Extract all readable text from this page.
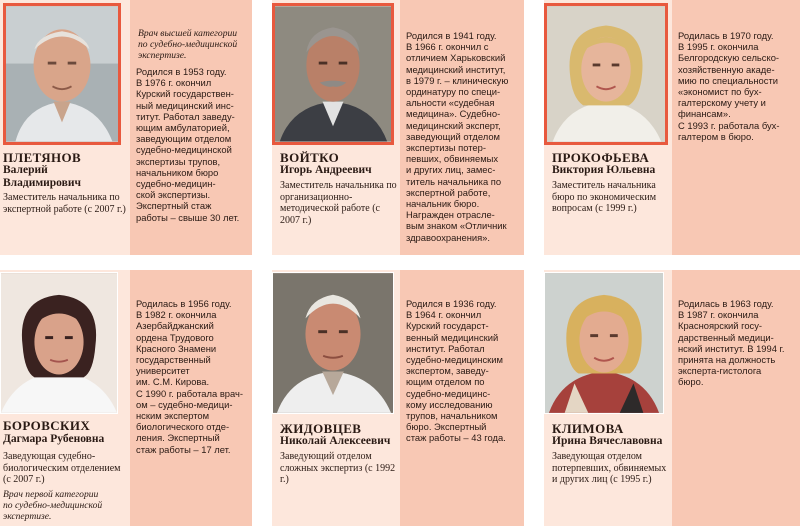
ПЛЕТЯНОВ
Валерий
Владимирович
Заместитель начальника по экспертной работе (с 2007 г.)
Врач высшей категории
по судебно-медицинской
экспертизе.
Родился в 1953 году.
В 1976 г. окончил
Курский государствен-
ный медицинский инс-
титут. Работал заведу-
ющим амбулаторией,
заведующим отделом
судебно-медицинской
экспертизы трупов,
начальником бюро
судебно-медицин-
ской экспертизы.
Экспертный стаж
работы – свыше 30 лет.
ВОЙТКО
Игорь Андреевич
Заместитель начальника по организационно-методической работе (с 2007 г.)
Родился в 1941 году.
В 1966 г. окончил с
отличием Харьковский
медицинский институт,
в 1979 г. – клиническую
ординатуру по специ-
альности «судебная
медицина». Судебно-
медицинский эксперт,
заведующий отделом
экспертизы потер-
певших, обвиняемых
и других лиц, замес-
титель начальника по
экспертной работе,
начальник бюро.
Награжден отрасле-
вым знаком «Отличник
здравоохранения».
ПРОКОФЬЕВА
Виктория Юльевна
Заместитель начальника бюро по экономическим вопросам (с 1999 г.)
Родилась в 1970 году.
В 1995 г. окончила
Белгородскую сельско-
хозяйственную акаде-
мию по специальности
«экономист по бух-
галтерскому учету и
финансам».
С 1993 г. работала бух-
галтером в бюро.
БОРОВСКИХ
Дагмара Рубеновна
Заведующая судебно-биологическим отделением (с 2007 г.)
Врач первой категории
по судебно-медицинской
экспертизе.
Родилась в 1956 году.
В 1982 г. окончила
Азербайджанский
ордена Трудового
Красного Знамени
государственный
университет
им. С.М. Кирова.
С 1990 г. работала врач-
ом – судебно-медици-
нским экспертом
биологического отде-
ления. Экспертный
стаж работы – 17 лет.
ЖИДОВЦЕВ
Николай Алексеевич
Заведующий отделом сложных экспертиз (с 1992 г.)
Родился в 1936 году.
В 1964 г. окончил
Курский государст-
венный медицинский
институт. Работал
судебно-медицинским
экспертом, заведу-
ющим отделом по
судебно-медицинс-
кому исследованию
трупов, начальником
бюро. Экспертный
стаж работы – 43 года.
КЛИМОВА
Ирина Вячеславовна
Заведующая отделом потерпевших, обвиняемых и других лиц (с 1995 г.)
Родилась в 1963 году.
В 1987 г. окончила
Красноярский госу-
дарственный медици-
нский институт. В 1994 г.
принята на должность
эксперта-гистолога
бюро.
